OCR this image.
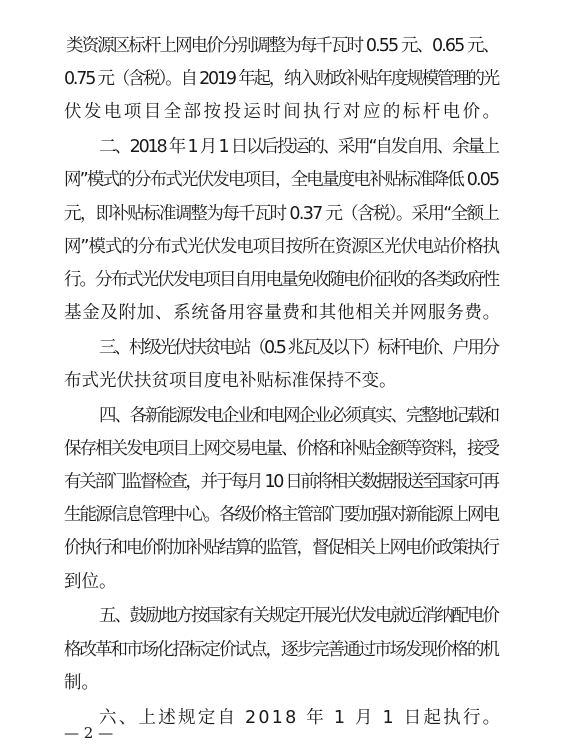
类资源区标杆上网电价分别调整为每千瓦时 0.55 元、0.65 元、
0.75 元（含税）。自 2019 年起，纳入财政补贴年度规模管理的光
伏发电项目全部按投运时间执行对应的标杆电价。
二、2018 年 1 月 1 日以后投运的、采用“自发自用、余量上
网”模式的分布式光伏发电项目，全电量度电补贴标准降低 0.05
元，即补贴标准调整为每千瓦时 0.37 元（含税）。采用“全额上
网”模式的分布式光伏发电项目按所在资源区光伏电站价格执
行。分布式光伏发电项目自用电量免收随电价征收的各类政府性
基金及附加、系统备用容量费和其他相关并网服务费。
三、村级光伏扶贫电站（0.5 兆瓦及以下）标杆电价、户用分
布式光伏扶贫项目度电补贴标准保持不变。
四、各新能源发电企业和电网企业必须真实、完整地记载和
保存相关发电项目上网交易电量、价格和补贴金额等资料，接受
有关部门监督检查，并于每月 10 日前将相关数据报送至国家可再
生能源信息管理中心。各级价格主管部门要加强对新能源上网电
价执行和电价附加补贴结算的监管，督促相关上网电价政策执行
到位。
五、鼓励地方按国家有关规定开展光伏发电就近消纳配电价
格改革和市场化招标定价试点，逐步完善通过市场发现价格的机
制。
六、上述规定自 2018 年 1 月 1 日起执行。
— 2 —
